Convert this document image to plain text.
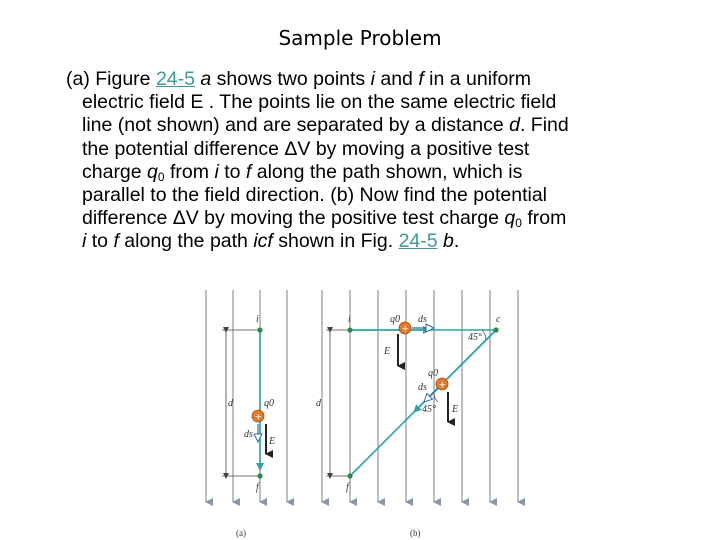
Sample Problem
(a) Figure 24-5 a shows two points i and f in a uniform
electric field E . The points lie on the same electric field
line (not shown) and are separated by a distance d. Find
the potential difference ΔV by moving a positive test
charge $q_0$ from i to f along the path shown, which is
parallel to the field direction. (b) Now find the potential
difference ΔV by moving the positive test charge $q_0$ from
i to f along the path icf shown in Fig. 24-5 b.
d
i
f
+
q0
ds
E
(a)
d
i	c
f
+
q0 ds
E
45°
+
q0
ds
E
45°
(b)
